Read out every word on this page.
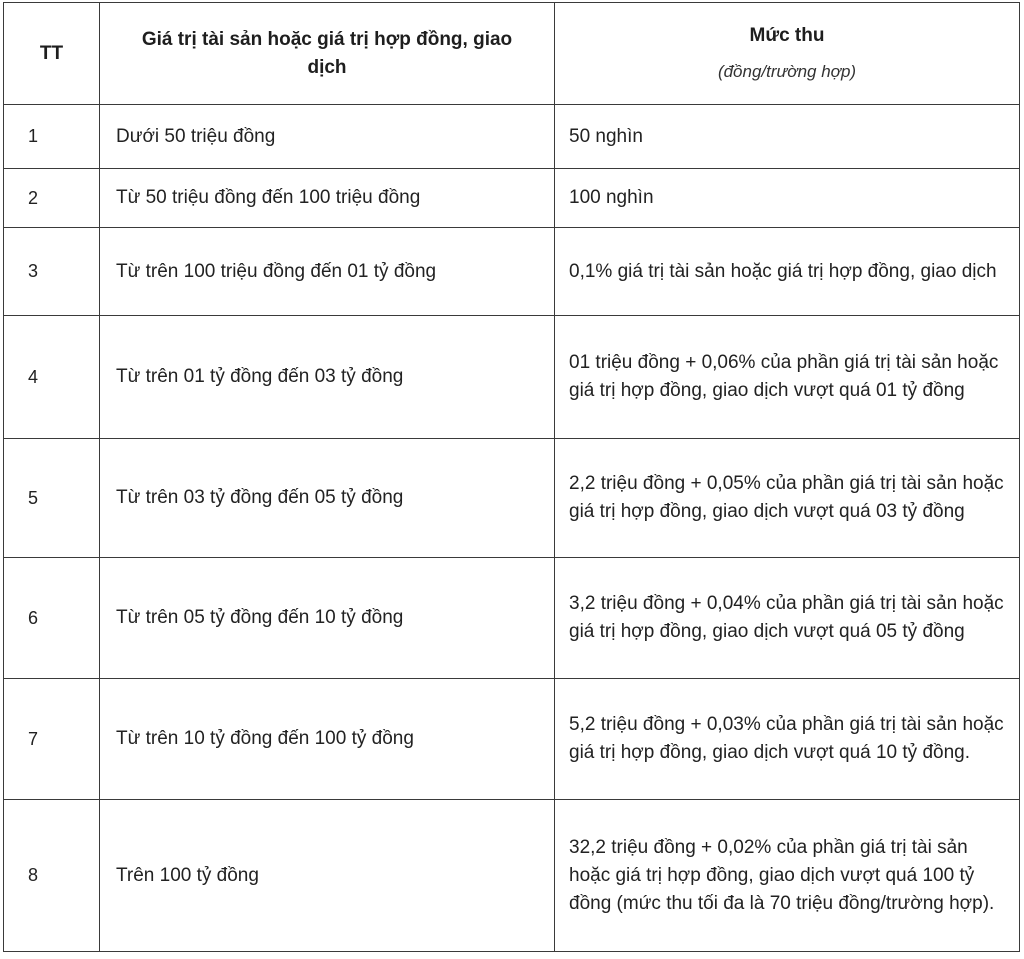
TT	Giá trị tài sản hoặc giá trị hợp đồng, giao dịch	Mức thu
(đồng/trường hợp)

1	Dưới 50 triệu đồng	50 nghìn
2	Từ 50 triệu đồng đến 100 triệu đồng	100 nghìn
3	Từ trên 100 triệu đồng đến 01 tỷ đồng	0,1% giá trị tài sản hoặc giá trị hợp đồng, giao dịch
4	Từ trên 01 tỷ đồng đến 03 tỷ đồng	01 triệu đồng + 0,06% của phần giá trị tài sản hoặc giá trị hợp đồng, giao dịch vượt quá 01 tỷ đồng
5	Từ trên 03 tỷ đồng đến 05 tỷ đồng	2,2 triệu đồng + 0,05% của phần giá trị tài sản hoặc giá trị hợp đồng, giao dịch vượt quá 03 tỷ đồng
6	Từ trên 05 tỷ đồng đến 10 tỷ đồng	3,2 triệu đồng + 0,04% của phần giá trị tài sản hoặc giá trị hợp đồng, giao dịch vượt quá 05 tỷ đồng
7	Từ trên 10 tỷ đồng đến 100 tỷ đồng	5,2 triệu đồng + 0,03% của phần giá trị tài sản hoặc giá trị hợp đồng, giao dịch vượt quá 10 tỷ đồng.
8	Trên 100 tỷ đồng	32,2 triệu đồng + 0,02% của phần giá trị tài sản hoặc giá trị hợp đồng, giao dịch vượt quá 100 tỷ đồng (mức thu tối đa là 70 triệu đồng/trường hợp).
